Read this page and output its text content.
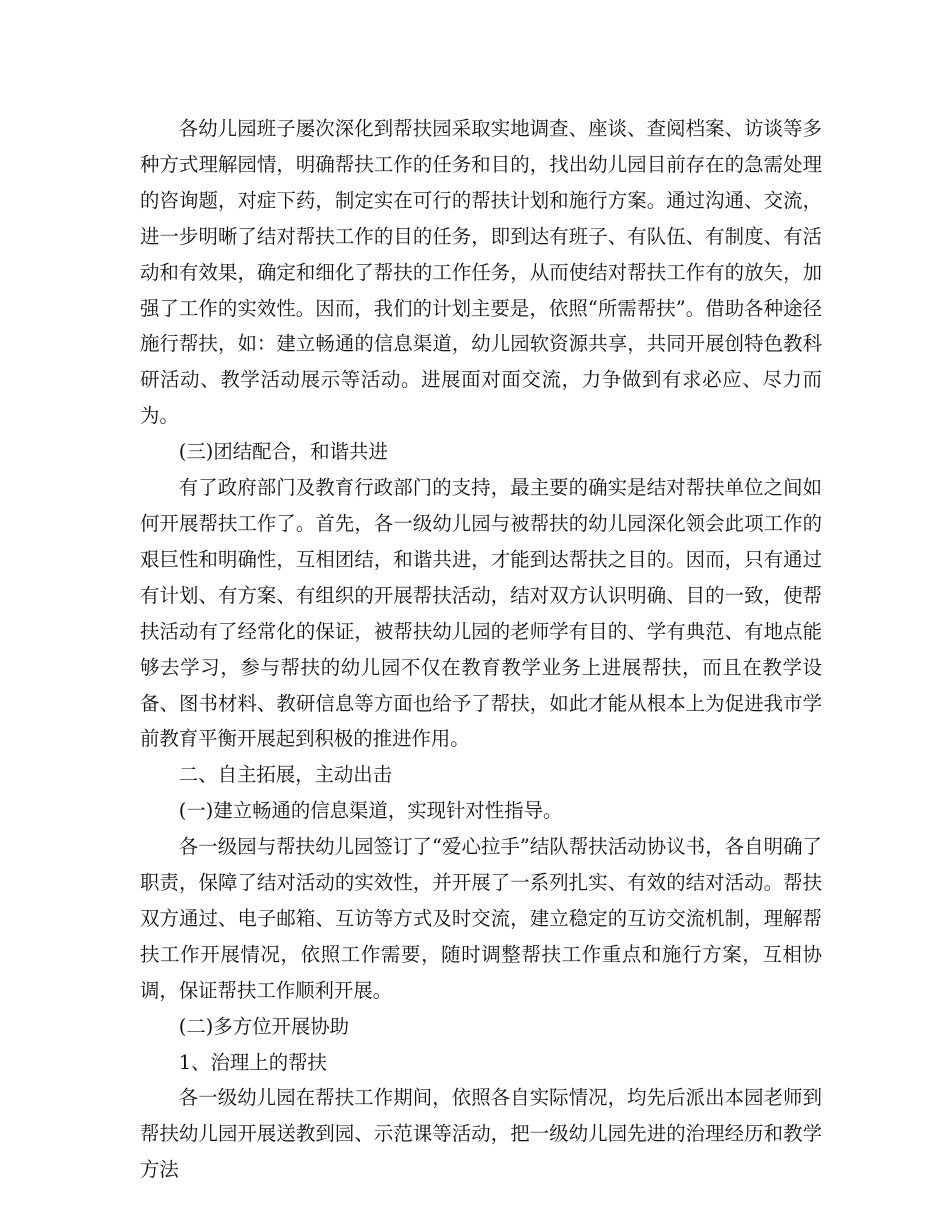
各幼儿园班子屡次深化到帮扶园采取实地调查、座谈、查阅档案、访谈等多种方式理解园情，明确帮扶工作的任务和目的，找出幼儿园目前存在的急需处理的咨询题，对症下药，制定实在可行的帮扶计划和施行方案。通过沟通、交流，进一步明晰了结对帮扶工作的目的任务，即到达有班子、有队伍、有制度、有活动和有效果，确定和细化了帮扶的工作任务，从而使结对帮扶工作有的放矢，加强了工作的实效性。因而，我们的计划主要是，依照“所需帮扶”。借助各种途径施行帮扶，如：建立畅通的信息渠道，幼儿园软资源共享，共同开展创特色教科研活动、教学活动展示等活动。进展面对面交流，力争做到有求必应、尽力而为。

(三)团结配合，和谐共进

有了政府部门及教育行政部门的支持，最主要的确实是结对帮扶单位之间如何开展帮扶工作了。首先，各一级幼儿园与被帮扶的幼儿园深化领会此项工作的艰巨性和明确性，互相团结，和谐共进，才能到达帮扶之目的。因而，只有通过有计划、有方案、有组织的开展帮扶活动，结对双方认识明确、目的一致，使帮扶活动有了经常化的保证，被帮扶幼儿园的老师学有目的、学有典范、有地点能够去学习，参与帮扶的幼儿园不仅在教育教学业务上进展帮扶，而且在教学设备、图书材料、教研信息等方面也给予了帮扶，如此才能从根本上为促进我市学前教育平衡开展起到积极的推进作用。

二、自主拓展，主动出击

(一)建立畅通的信息渠道，实现针对性指导。

各一级园与帮扶幼儿园签订了“爱心拉手”结队帮扶活动协议书，各自明确了职责，保障了结对活动的实效性，并开展了一系列扎实、有效的结对活动。帮扶双方通过、电子邮箱、互访等方式及时交流，建立稳定的互访交流机制，理解帮扶工作开展情况，依照工作需要，随时调整帮扶工作重点和施行方案，互相协调，保证帮扶工作顺利开展。

(二)多方位开展协助

1、治理上的帮扶

各一级幼儿园在帮扶工作期间，依照各自实际情况，均先后派出本园老师到帮扶幼儿园开展送教到园、示范课等活动，把一级幼儿园先进的治理经历和教学方法
